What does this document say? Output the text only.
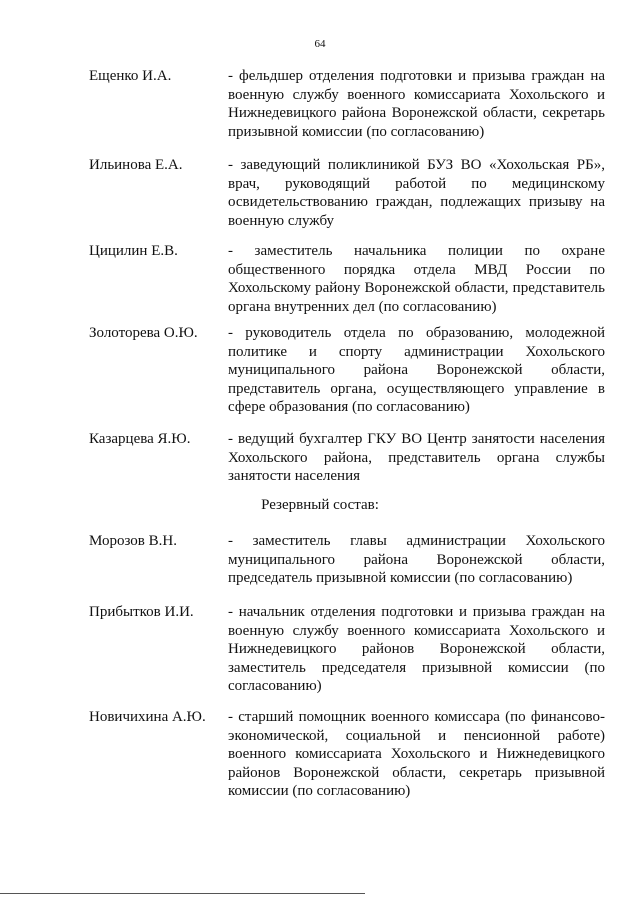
64
Ещенко И.А.	- фельдшер отделения подготовки и призыва граждан на военную службу военного комиссариата Хохольского и Нижнедевицкого района Воронежской области, секретарь призывной комиссии (по согласованию)
Ильинова Е.А.	- заведующий поликлиникой БУЗ ВО «Хохольская РБ», врач, руководящий работой по медицинскому освидетельствованию граждан, подлежащих призыву на военную службу
Цицилин Е.В.	- заместитель начальника полиции по охране общественного порядка отдела МВД России по Хохольскому району Воронежской области, представитель органа внутренних дел (по согласованию)
Золоторева О.Ю. - руководитель отдела по образованию, молодежной политике и спорту администрации Хохольского муниципального района Воронежской области, представитель органа, осуществляющего управление в сфере образования (по согласованию)
Казарцева Я.Ю.	- ведущий бухгалтер ГКУ ВО Центр занятости населения Хохольского района, представитель органа службы занятости населения
Резервный состав:
Морозов В.Н.	- заместитель главы администрации Хохольского муниципального района Воронежской области, председатель призывной комиссии (по согласованию)
Прибытков И.И. - начальник отделения подготовки и призыва граждан на военную службу военного комиссариата Хохольского и Нижнедевицкого районов Воронежской области, заместитель председателя призывной комиссии (по согласованию)
Новичихина А.Ю. - старший помощник военного комиссара (по финансово-экономической, социальной и пенсионной работе) военного комиссариата Хохольского и Нижнедевицкого районов Воронежской области, секретарь призывной комиссии (по согласованию)
